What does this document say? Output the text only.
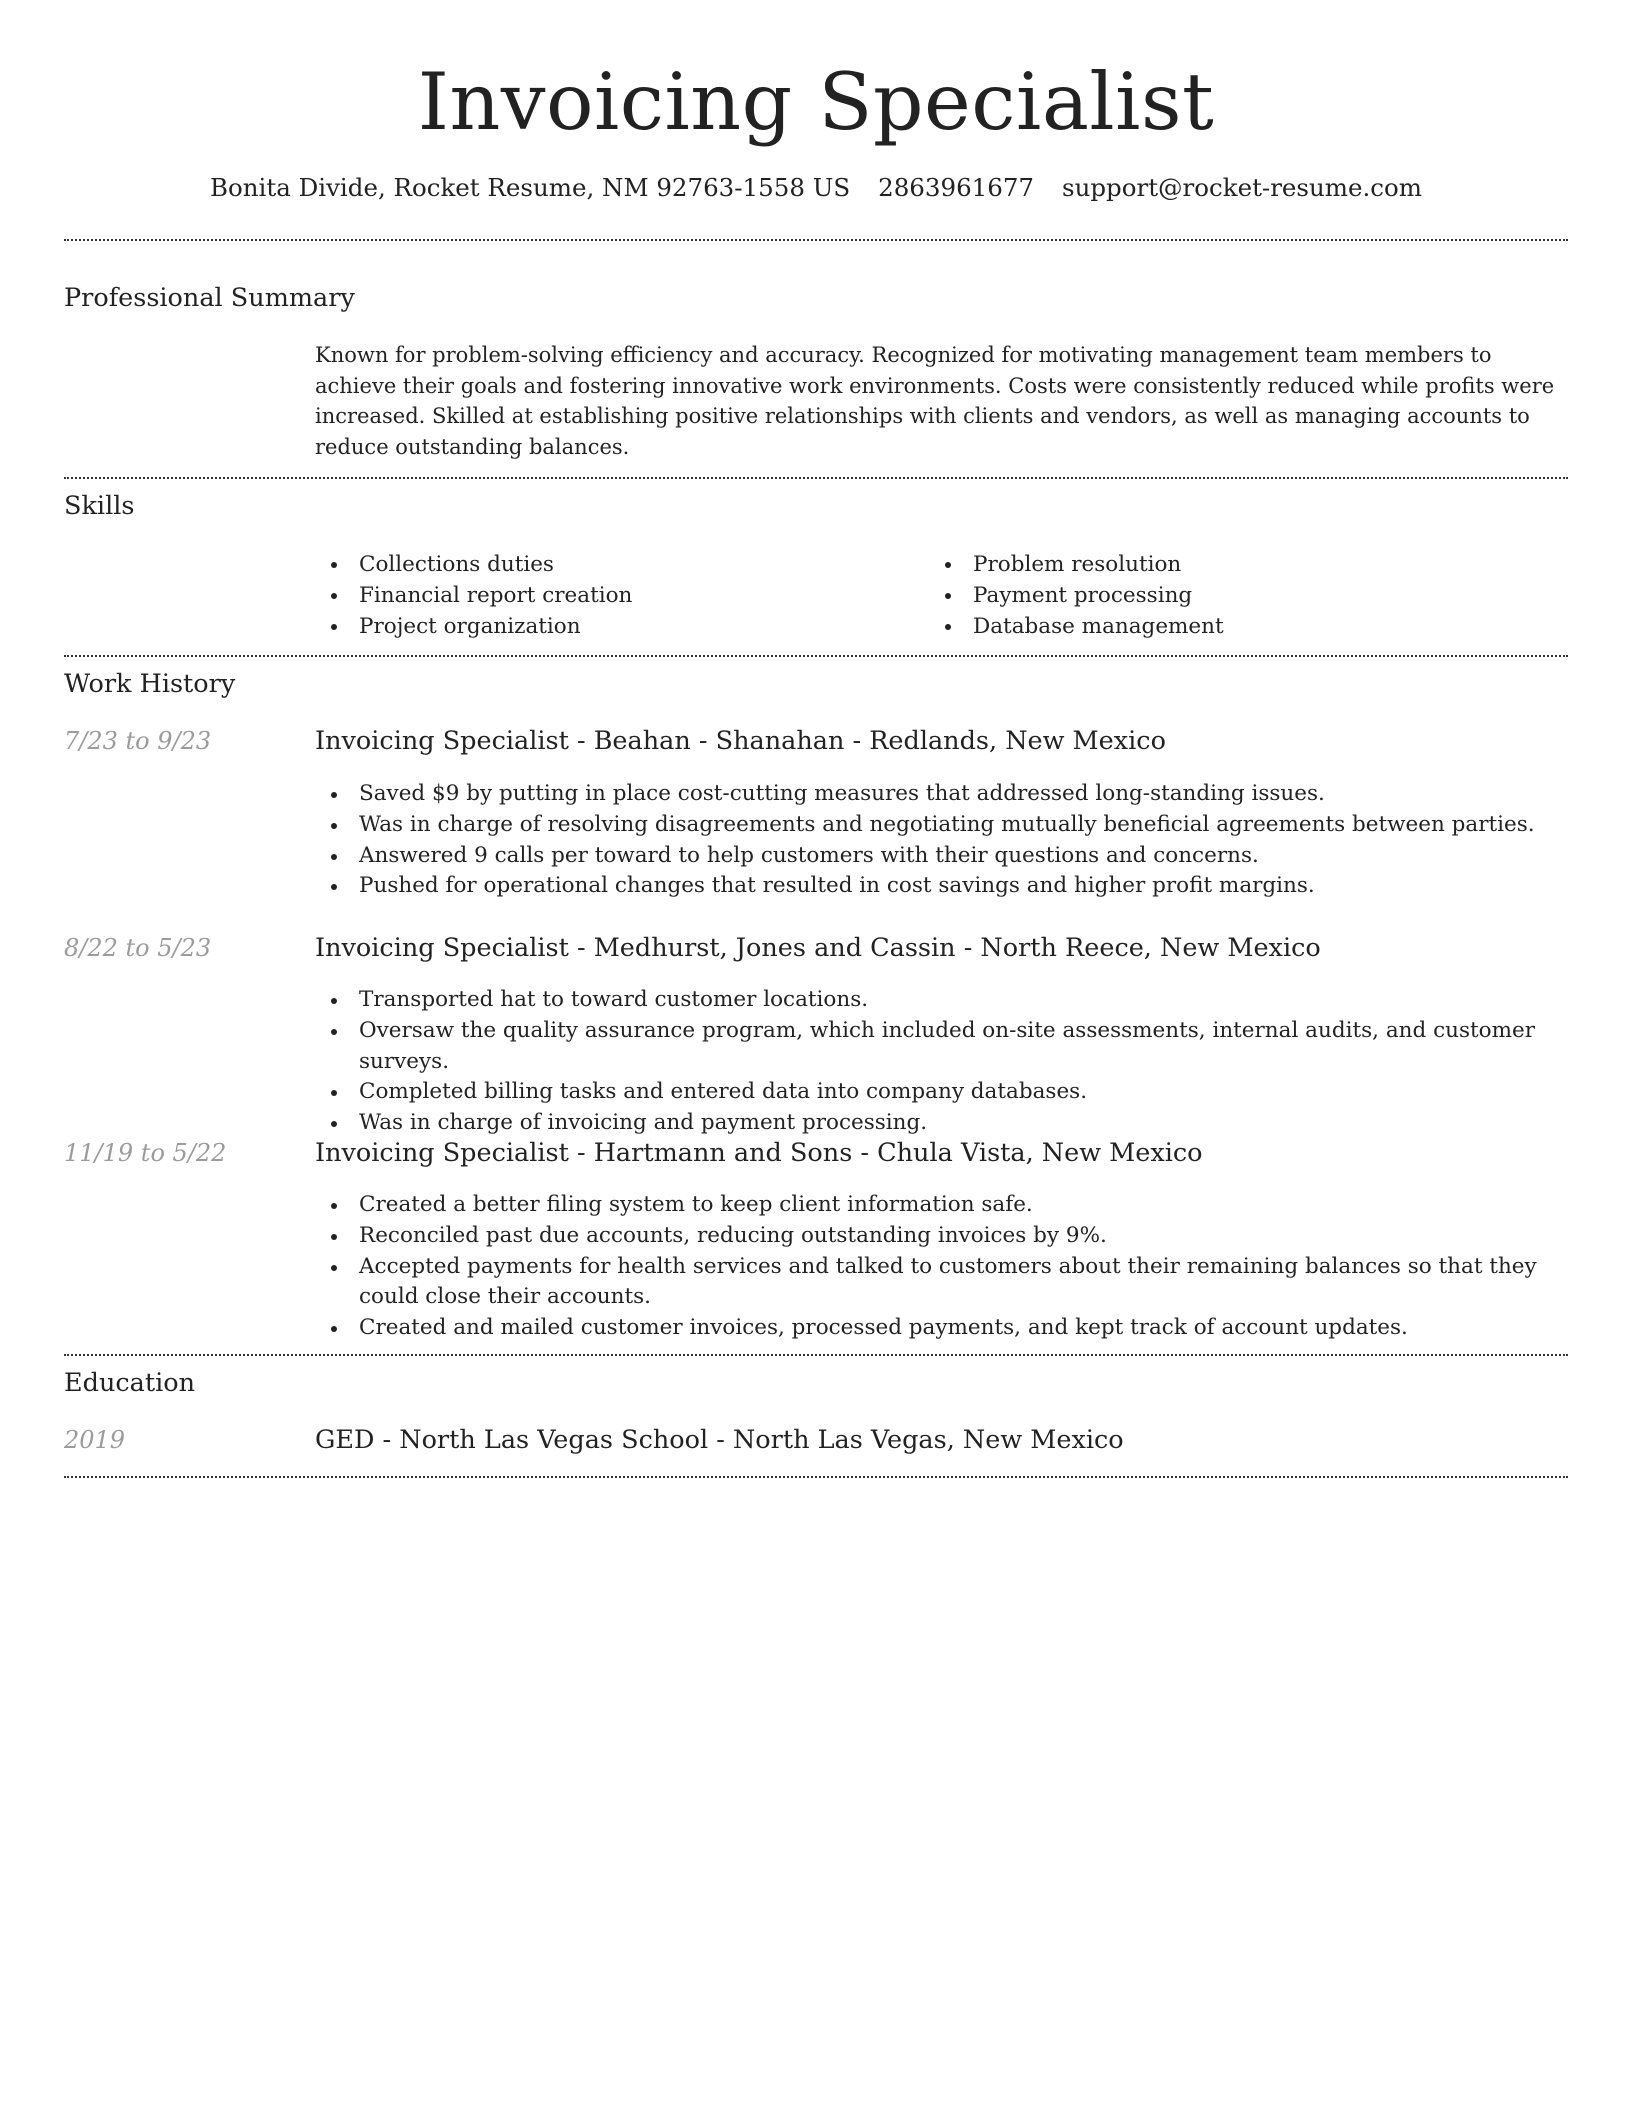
Invoicing Specialist
Bonita Divide, Rocket Resume, NM 92763-1558 US 2863961677 support@rocket-resume.com
Professional Summary

Known for problem-solving efficiency and accuracy. Recognized for motivating management team members to achieve their goals and fostering innovative work environments. Costs were consistently reduced while profits were increased. Skilled at establishing positive relationships with clients and vendors, as well as managing accounts to reduce outstanding balances.

Skills
Collections duties
Financial report creation
Project organization
Problem resolution
Payment processing
Database management
Work History
7/23 to 9/23	Invoicing Specialist - Beahan - Shanahan - Redlands, New Mexico
Saved $9 by putting in place cost-cutting measures that addressed long-standing issues.
Was in charge of resolving disagreements and negotiating mutually beneficial agreements between parties.
Answered 9 calls per toward to help customers with their questions and concerns.
Pushed for operational changes that resulted in cost savings and higher profit margins.
8/22 to 5/23	Invoicing Specialist - Medhurst, Jones and Cassin - North Reece, New Mexico
Transported hat to toward customer locations.
Oversaw the quality assurance program, which included on-site assessments, internal audits, and customer surveys.
Completed billing tasks and entered data into company databases.
Was in charge of invoicing and payment processing.
11/19 to 5/22	Invoicing Specialist - Hartmann and Sons - Chula Vista, New Mexico
Created a better filing system to keep client information safe.
Reconciled past due accounts, reducing outstanding invoices by 9%.
Accepted payments for health services and talked to customers about their remaining balances so that they could close their accounts.
Created and mailed customer invoices, processed payments, and kept track of account updates.
Education
2019	GED - North Las Vegas School - North Las Vegas, New Mexico
